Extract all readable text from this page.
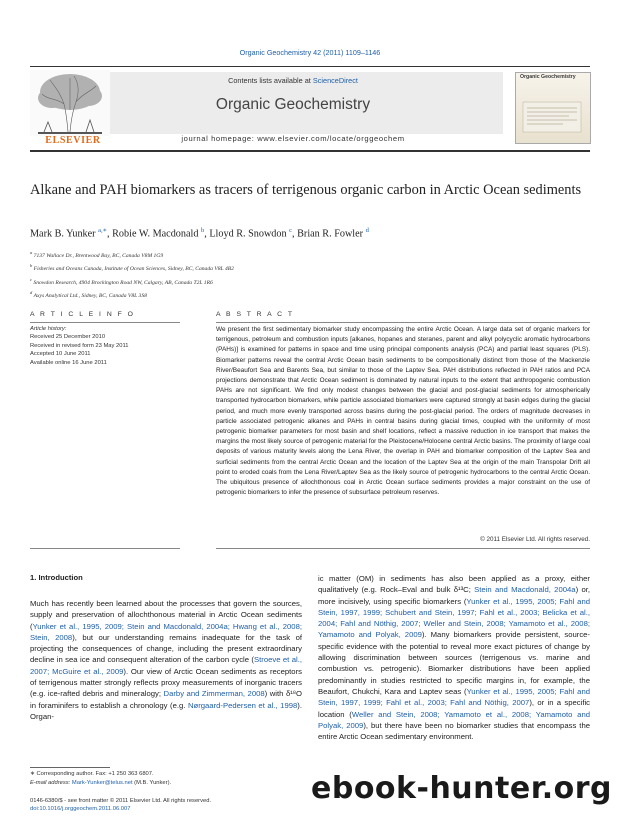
Organic Geochemistry 42 (2011) 1109–1146
Contents lists available at ScienceDirect
Organic Geochemistry
journal homepage: www.elsevier.com/locate/orggeochem
ELSEVIER
Organic Geochemistry
Alkane and PAH biomarkers as tracers of terrigenous organic carbon in Arctic Ocean sediments
Mark B. Yunker $^{a,∗}$, Robie W. Macdonald $^b$, Lloyd R. Snowdon $^c$, Brian R. Fowler $^d$
$^a$ 7137 Wallace Dr., Brentwood Bay, BC, Canada V8M 1G9
$^b$ Fisheries and Oceans Canada, Institute of Ocean Sciences, Sidney, BC, Canada V8L 4B2
$^c$ Snowdon Research, 4904 Brockington Road NW, Calgary, AB, Canada T2L 1R6
$^d$ Axys Analytical Ltd., Sidney, BC, Canada V8L 3S8
A R T I C L E I N F O	A B S T R A C T
Article history:
Received 25 December 2010
Received in revised form 23 May 2011
Accepted 10 June 2011
Available online 16 June 2011
We present the first sedimentary biomarker study encompassing the entire Arctic Ocean. A large data set of organic markers for terrigenous, petroleum and combustion inputs [alkanes, hopanes and steranes, parent and alkyl polycyclic aromatic hydrocarbons (PAHs)] is examined for patterns in space and time using principal components analysis (PCA) and partial least squares (PLS). Biomarker patterns reveal the central Arctic Ocean basin sediments to be compositionally distinct from those of the Mackenzie River/Beaufort Sea and Barents Sea, but similar to those of the Laptev Sea. PAH distributions reflected in PAH ratios and PCA projections demonstrate that Arctic Ocean sediment is dominated by natural inputs to the extent that anthropogenic combustion PAHs are not significant. We find only modest changes between the glacial and post-glacial sediments for atmospherically transported hydrocarbon biomarkers, while particle associated biomarkers were captured strongly at basin edges during the glacial period, and much more evenly transported across basins during the post-glacial period. The orders of magnitude decreases in particle associated petrogenic alkanes and PAHs in central basins during glacial times, coupled with the uniformity of most petrogenic biomarker parameters for most basin and shelf locations, reflect a massive reduction in ice transport that makes the margins the most likely source of petrogenic material for the Pleistocene/Holocene central Arctic basins. The proximity of large coal deposits of various maturity levels along the Lena River, the overlap in PAH and biomarker composition of the Laptev Sea and surficial sediments from the central Arctic Ocean and the location of the Laptev Sea at the origin of the main Transpolar Drift all point to eroded coals from the Lena River/Laptev Sea as the likely source of petrogenic hydrocarbons to the central Arctic Ocean. The ubiquitous presence of allochthonous coal in Arctic Ocean surface sediments provides a major constraint on the use of petrogenic biomarkers to infer the presence of subsurface petroleum reserves.
© 2011 Elsevier Ltd. All rights reserved.
1. Introduction
Much has recently been learned about the processes that govern the sources, supply and preservation of allochthonous material in Arctic Ocean sediments (Yunker et al., 1995, 2009; Stein and Macdonald, 2004a; Hwang et al., 2008; Stein, 2008), but our understanding remains inadequate for the task of projecting the consequences of change, including the present extraordinary decline in sea ice and consequent alteration of the carbon cycle (Stroeve et al., 2007; McGuire et al., 2009). Our view of Arctic Ocean sediments as receptors of terrigenous matter strongly reflects proxy measurements of inorganic tracers (e.g. ice-rafted debris and mineralogy; Darby and Zimmerman, 2008) with δ¹⁸O in foraminifers to establish a chronology (e.g. Nørgaard-Pedersen et al., 1998). Organ-
ic matter (OM) in sediments has also been applied as a proxy, either qualitatively (e.g. Rock–Eval and bulk δ¹³C; Stein and Macdonald, 2004a) or, more incisively, using specific biomarkers (Yunker et al., 1995, 2005; Fahl and Stein, 1997, 1999; Schubert and Stein, 1997; Fahl et al., 2003; Belicka et al., 2004; Fahl and Nöthig, 2007; Weller and Stein, 2008; Yamamoto et al., 2008; Yamamoto and Polyak, 2009). Many biomarkers provide persistent, source-specific evidence with the potential to reveal more exact pictures of change by allowing discrimination between sources (terrigenous vs. marine and combustion vs. petrogenic). Biomarker distributions have been applied predominantly in studies restricted to specific margins in, for example, the Beaufort, Chukchi, Kara and Laptev seas (Yunker et al., 1995, 2005; Fahl and Stein, 1997, 1999; Fahl et al., 2003; Fahl and Nöthig, 2007), or in a specific location (Weller and Stein, 2008; Yamamoto et al., 2008; Yamamoto and Polyak, 2009), but there have been no biomarker studies that encompass the entire Arctic Ocean sedimentary environment.
∗ Corresponding author. Fax: +1 250 363 6807.
E-mail address: Mark-Yunker@telus.net (M.B. Yunker).
0146-6380/$ - see front matter © 2011 Elsevier Ltd. All rights reserved.
doi:10.1016/j.orggeochem.2011.06.007
ebook-hunter.org
